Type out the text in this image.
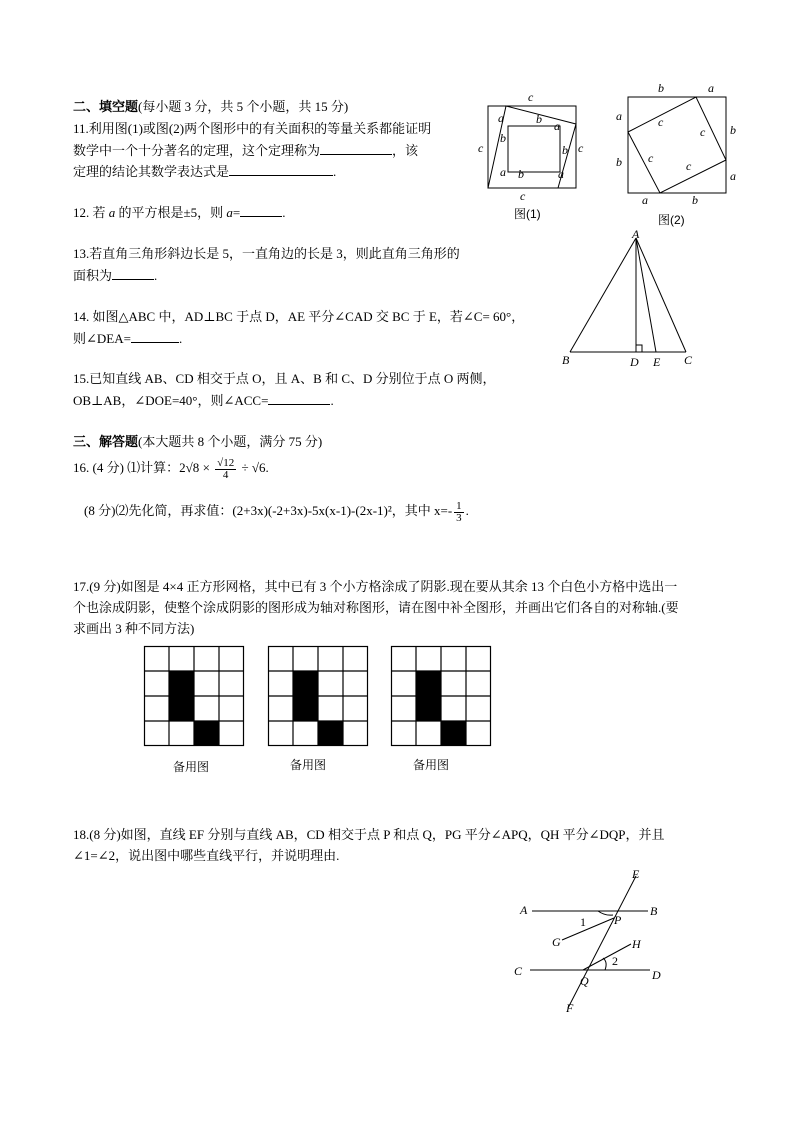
二、填空题(每小题 3 分，共 5 个小题，共 15 分)
11.利用图(1)或图(2)两个图形中的有关面积的等量关系都能证明
数学中一个十分著名的定理，这个定理称为	，该
定理的结论其数学表达式是	.
c
c	c
c
a
b
b a
b
a
a b
图(1)
b	a
a
b
b
a
a	b
c
c
c
c
图(2)
12. 若 a 的平方根是±5，则 a=	.
13.若直角三角形斜边长是 5，一直角边的长是 3，则此直角三角形的
面积为	.
A
B	D E C
14. 如图△ABC 中，AD⊥BC 于点 D，AE 平分∠CAD 交 BC 于 E，若∠C= 60°，
则∠DEA=	.
15.已知直线 AB、CD 相交于点 O，且 A、B 和 C、D 分别位于点 O 两侧，
OB⊥AB，∠DOE=40°，则∠ACC=	.
三、解答题(本大题共 8 个小题，满分 75 分)
16. (4 分) ⑴计算：$2√8 \times \frac{√12}{4} \div √6$.
(8 分)⑵先化简，再求值：(2+3x)(-2+3x)-5x(x-1)-(2x-1)²，其中 $x=- \frac{1}{3}$ .
17.(9 分)如图是 4×4 正方形网格，其中已有 3 个小方格涂成了阴影.现在要从其余 13 个白色小方格中选出一
个也涂成阴影，使整个涂成阴影的图形成为轴对称图形，请在图中补全图形，并画出它们各自的对称轴.(要
求画出 3 种不同方法)
备用图	备用图	备用图
18.(8 分)如图，直线 EF 分别与直线 AB，CD 相交于点 P 和点 Q，PG 平分∠APQ，QH 平分∠DQP，并且
∠1=∠2，说出图中哪些直线平行，并说明理由.
E
A	B
1 P
G	H
C
2
D
Q
F
